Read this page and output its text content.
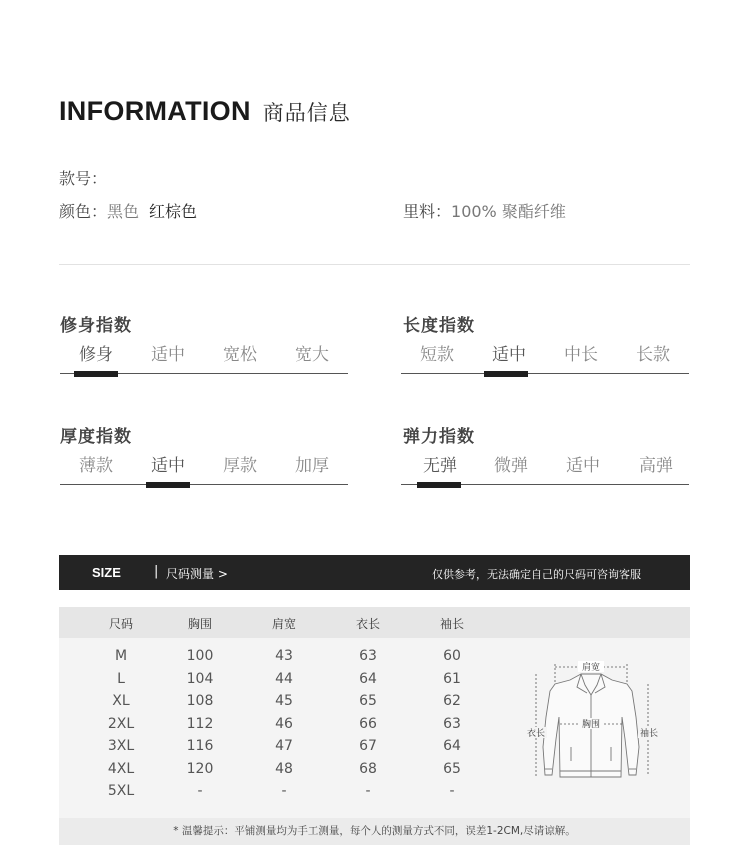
INFORMATION 商品信息
款号：
颜色：黑色 红棕色	里料：100% 聚酯纤维
修身指数
修身	适中	宽松	宽大
长度指数
短款	适中	中长	长款
厚度指数
薄款	适中	厚款	加厚
弹力指数
无弹	微弹	适中	高弹
SIZE	| 尺码测量 >	仅供参考，无法确定自己的尺码可咨询客服
尺码	胸围	肩宽	衣长	袖长
M	100	43	63	60
L	104	44	64	61
XL	108	45	65	62
2XL	112	46	66	63
3XL	116	47	67	64
4XL	120	48	68	65
5XL	-	-	-	-
肩宽
胸围
衣长	袖长
* 温馨提示：平铺测量均为手工测量，每个人的测量方式不同，误差1-2CM,尽请谅解。
